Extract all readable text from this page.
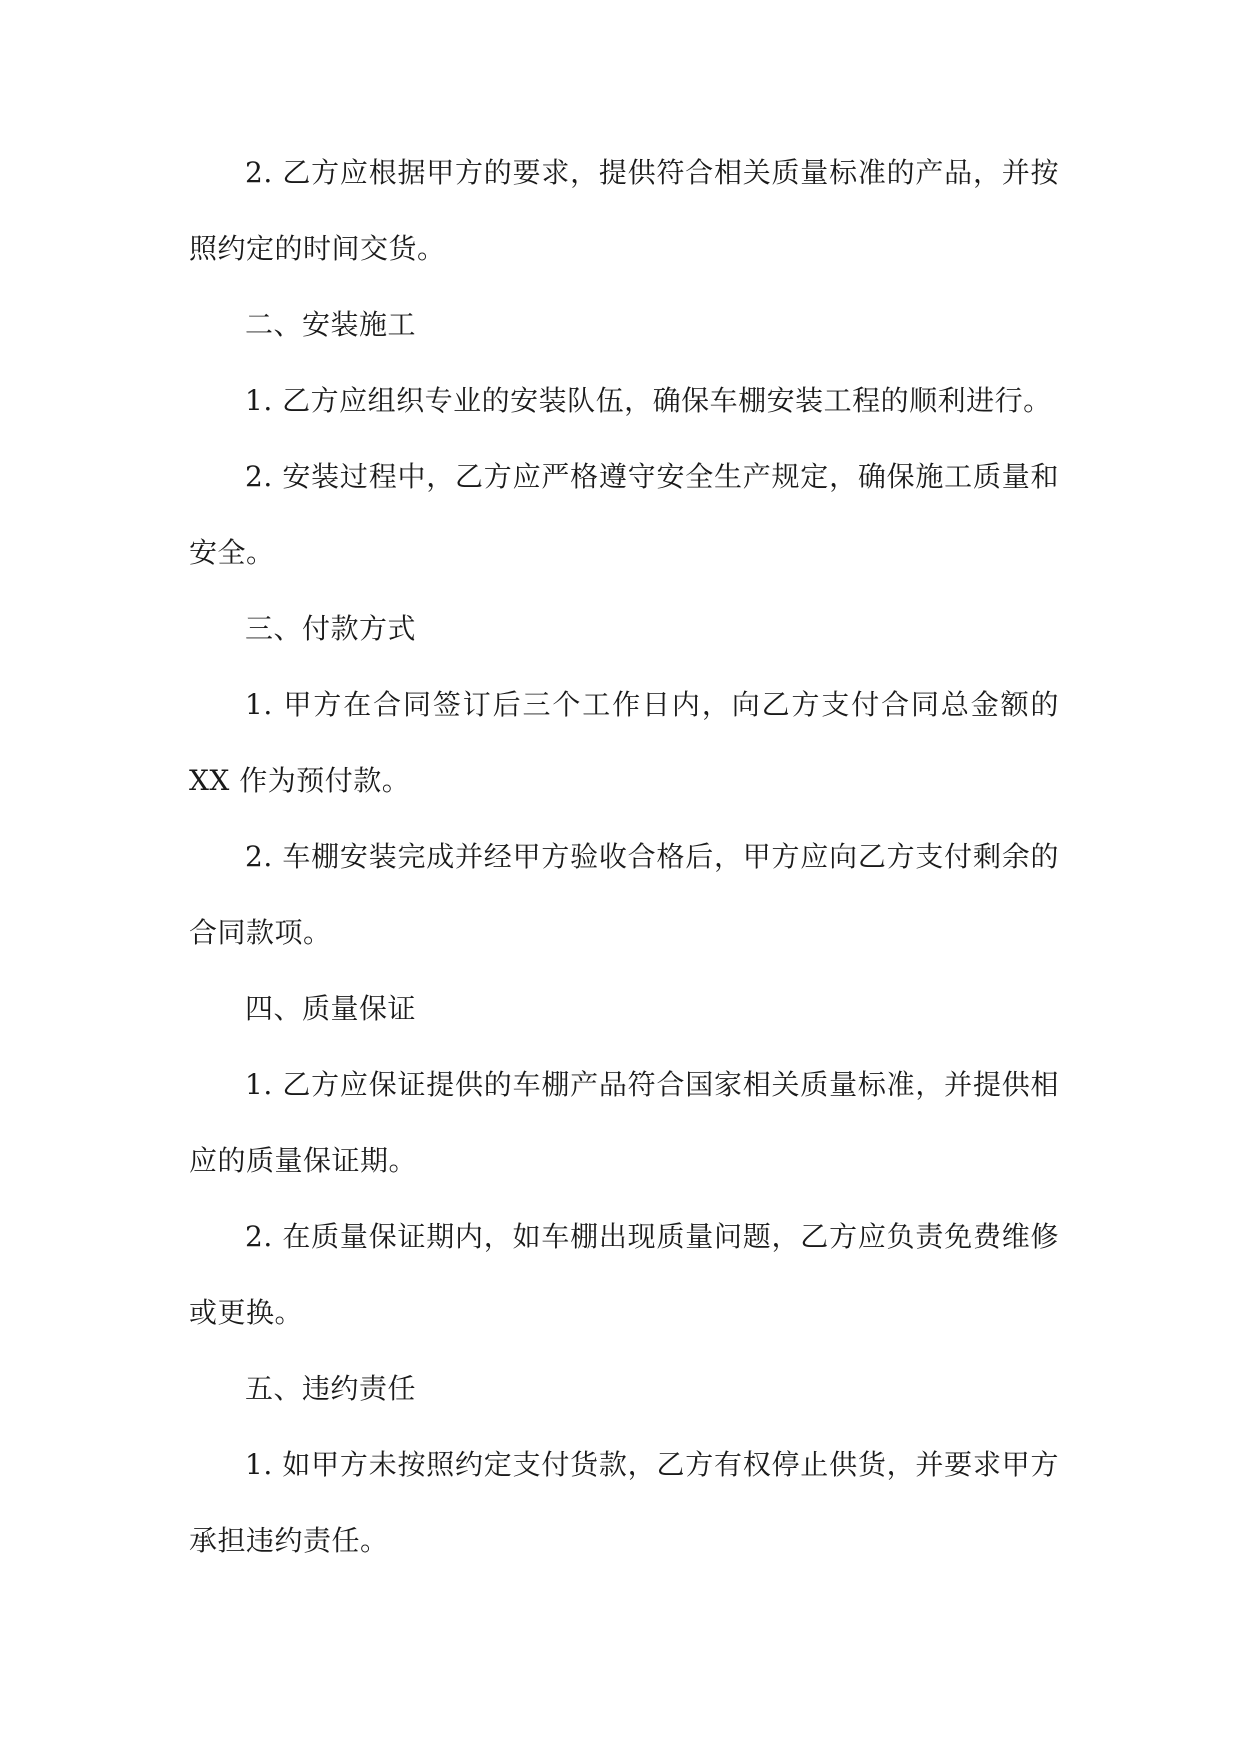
2. 乙方应根据甲方的要求，提供符合相关质量标准的产品，并按照约定的时间交货。

二、安装施工

1. 乙方应组织专业的安装队伍，确保车棚安装工程的顺利进行。

2. 安装过程中，乙方应严格遵守安全生产规定，确保施工质量和安全。

三、付款方式

1. 甲方在合同签订后三个工作日内，向乙方支付合同总金额的XX 作为预付款。

2. 车棚安装完成并经甲方验收合格后，甲方应向乙方支付剩余的合同款项。

四、质量保证

1. 乙方应保证提供的车棚产品符合国家相关质量标准，并提供相应的质量保证期。

2. 在质量保证期内，如车棚出现质量问题，乙方应负责免费维修或更换。

五、违约责任

1. 如甲方未按照约定支付货款，乙方有权停止供货，并要求甲方承担违约责任。
